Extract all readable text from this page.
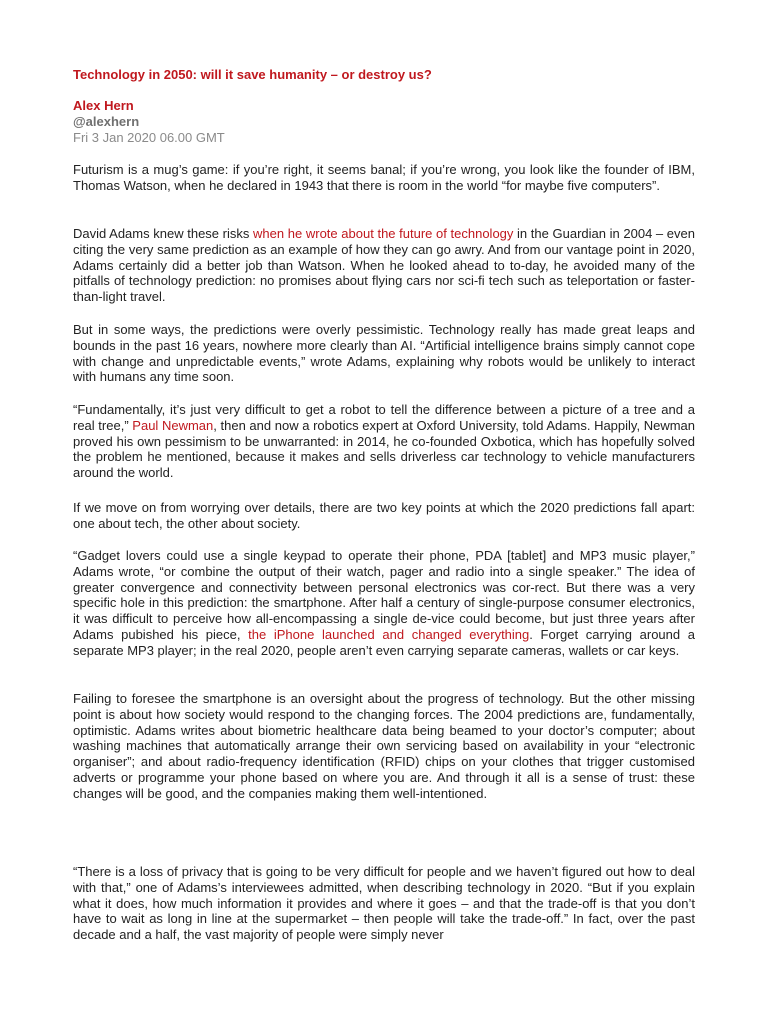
Technology in 2050: will it save humanity – or destroy us?
Alex Hern
@alexhern
Fri 3 Jan 2020 06.00 GMT

Futurism is a mug’s game: if you’re right, it seems banal; if you’re wrong, you look like the founder of IBM, Thomas Watson, when he declared in 1943 that there is room in the world “for maybe five computers”.

David Adams knew these risks when he wrote about the future of technology in the Guardian in 2004 – even citing the very same prediction as an example of how they can go awry. And from our vantage point in 2020, Adams certainly did a better job than Watson. When he looked ahead to to-day, he avoided many of the pitfalls of technology prediction: no promises about flying cars nor sci-fi tech such as teleportation or faster-than-light travel.

But in some ways, the predictions were overly pessimistic. Technology really has made great leaps and bounds in the past 16 years, nowhere more clearly than AI. “Artificial intelligence brains simply cannot cope with change and unpredictable events,” wrote Adams, explaining why robots would be unlikely to interact with humans any time soon.

“Fundamentally, it’s just very difficult to get a robot to tell the difference between a picture of a tree and a real tree,” Paul Newman, then and now a robotics expert at Oxford University, told Adams. Happily, Newman proved his own pessimism to be unwarranted: in 2014, he co-founded Oxbotica, which has hopefully solved the problem he mentioned, because it makes and sells driverless car technology to vehicle manufacturers around the world.

If we move on from worrying over details, there are two key points at which the 2020 predictions fall apart: one about tech, the other about society.

“Gadget lovers could use a single keypad to operate their phone, PDA [tablet] and MP3 music player,” Adams wrote, “or combine the output of their watch, pager and radio into a single speaker.” The idea of greater convergence and connectivity between personal electronics was cor-rect. But there was a very specific hole in this prediction: the smartphone. After half a century of single-purpose consumer electronics, it was difficult to perceive how all-encompassing a single de-vice could become, but just three years after Adams pubished his piece, the iPhone launched and changed everything. Forget carrying around a separate MP3 player; in the real 2020, people aren’t even carrying separate cameras, wallets or car keys.

Failing to foresee the smartphone is an oversight about the progress of technology. But the other missing point is about how society would respond to the changing forces. The 2004 predictions are, fundamentally, optimistic. Adams writes about biometric healthcare data being beamed to your doctor’s computer; about washing machines that automatically arrange their own servicing based on availability in your “electronic organiser”; and about radio-frequency identification (RFID) chips on your clothes that trigger customised adverts or programme your phone based on where you are. And through it all is a sense of trust: these changes will be good, and the companies making them well-intentioned.

“There is a loss of privacy that is going to be very difficult for people and we haven’t figured out how to deal with that,” one of Adams’s interviewees admitted, when describing technology in 2020. “But if you explain what it does, how much information it provides and where it goes – and that the trade-off is that you don’t have to wait as long in line at the supermarket – then people will take the trade-off.” In fact, over the past decade and a half, the vast majority of people were simply never
